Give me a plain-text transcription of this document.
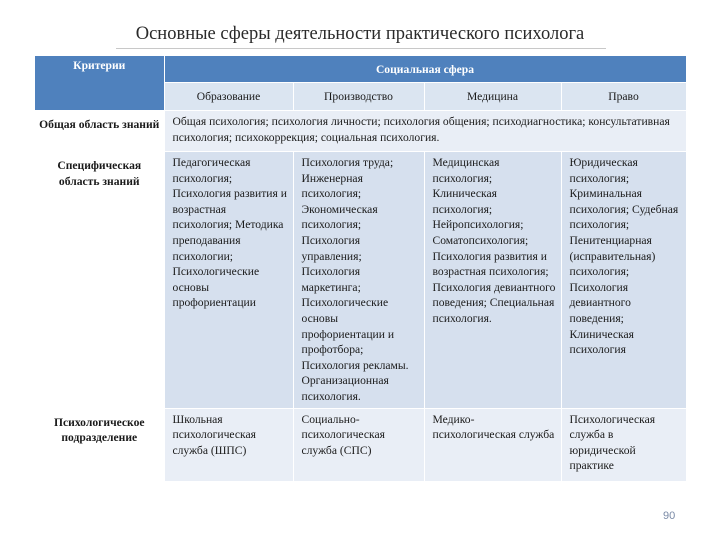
Основные сферы деятельности практического психолога
Критерии	Социальная сфера			

	Образование	Производство	Медицина	Право
Общая область знаний	Общая психология; психология личности; психология общения; психодиагностика; консультативная психология; психокоррекция; социальная психология.			
Специфическая область знаний	Педагогическая психология; Психология развития и возрастная психология; Методика преподавания психологии; Психологические основы профориентации	Психология труда; Инженерная психология; Экономическая психология; Психология управления; Психология маркетинга; Психологические основы профориентации и профотбора; Психология рекламы. Организационная психология.	Медицинская психология; Клиническая психология; Нейропсихология; Соматопсихология; Психология развития и возрастная психология; Психология девиантного поведения; Специальная психология.	Юридическая психология; Криминальная психология; Судебная психология; Пенитенциарная (исправительная) психология; Психология девиантного поведения; Клиническая психология
Психологическое подразделение	Школьная психологическая служба (ШПС)	Социально-психологическая служба (СПС)	Медико-психологическая служба	Психологическая служба в юридической практике
90
